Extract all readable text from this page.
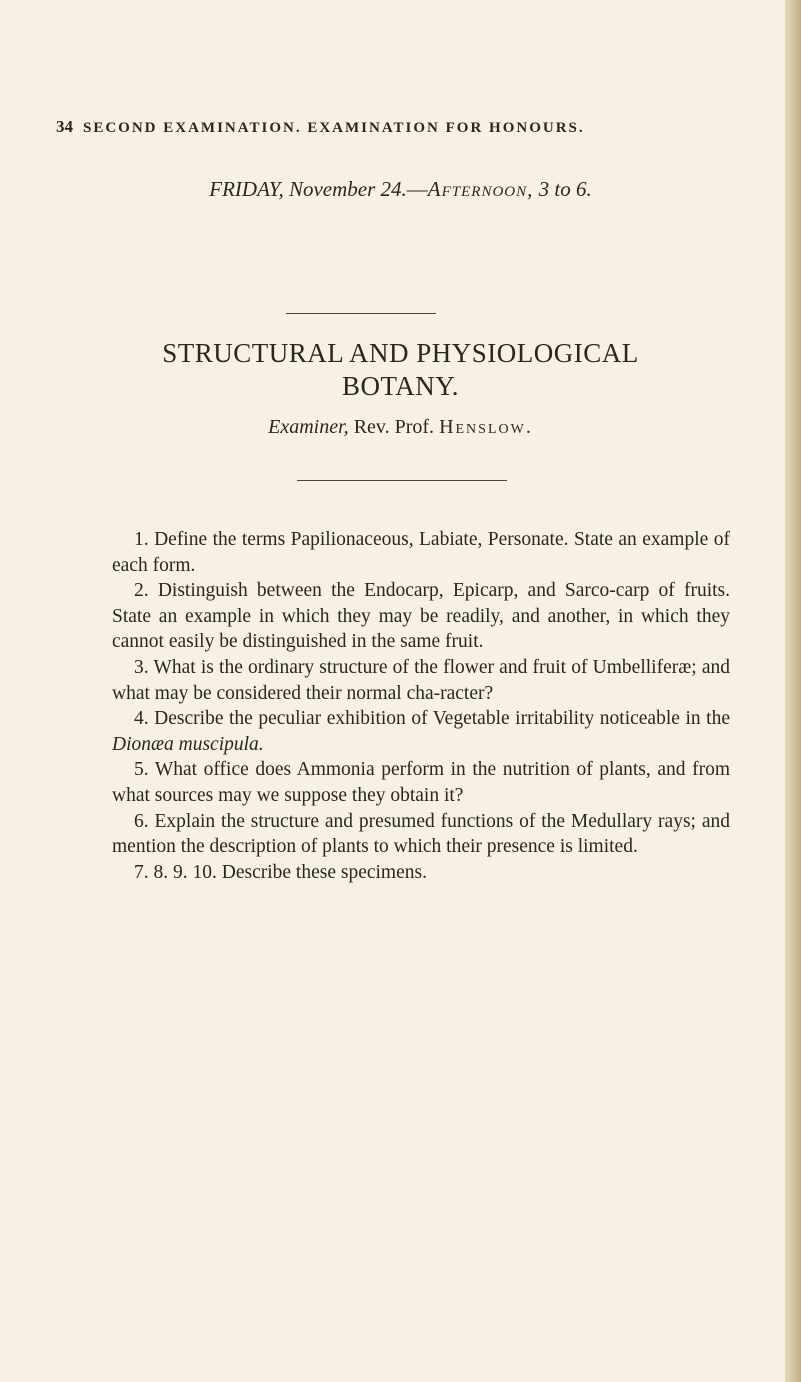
34 SECOND EXAMINATION. EXAMINATION FOR HONOURS.
FRIDAY, November 24.—Afternoon, 3 to 6.
STRUCTURAL AND PHYSIOLOGICAL
BOTANY.
Examiner, Rev. Prof. Henslow.

1. Define the terms Papilionaceous, Labiate, Personate. State an example of each form.

2. Distinguish between the Endocarp, Epicarp, and Sarco-carp of fruits. State an example in which they may be readily, and another, in which they cannot easily be distinguished in the same fruit.

3. What is the ordinary structure of the flower and fruit of Umbelliferæ; and what may be considered their normal cha-racter?

4. Describe the peculiar exhibition of Vegetable irritability noticeable in the Dionæa muscipula.

5. What office does Ammonia perform in the nutrition of plants, and from what sources may we suppose they obtain it?

6. Explain the structure and presumed functions of the Medullary rays; and mention the description of plants to which their presence is limited.

7. 8. 9. 10. Describe these specimens.
